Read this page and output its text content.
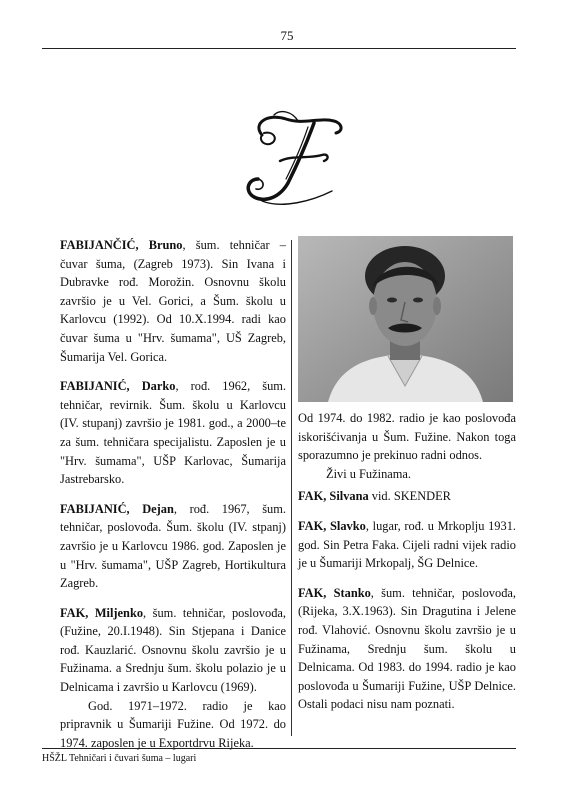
75

FABIJANČIĆ, Bruno, šum. tehničar – čuvar šuma, (Zagreb 1973). Sin Ivana i Dubravke rođ. Morožin. Osnovnu školu završio je u Vel. Gorici, a Šum. školu u Karlovcu (1992). Od 10.X.1994. radi kao čuvar šuma u "Hrv. šumama", UŠ Zagreb, Šumarija Vel. Gorica.

FABIJANIĆ, Darko, rođ. 1962, šum. tehničar, revirnik. Šum. školu u Karlovcu (IV. stupanj) završio je 1981. god., a 2000–te za šum. tehničara specijalistu. Zaposlen je u "Hrv. šumama", UŠP Karlovac, Šumarija Jastrebarsko.

FABIJANIĆ, Dejan, rođ. 1967, šum. tehničar, poslovođa. Šum. školu (IV. stpanj) završio je u Karlovcu 1986. god. Zaposlen je u "Hrv. šumama", UŠP Zagreb, Hortikultura Zagreb.

FAK, Miljenko, šum. tehničar, poslovođa, (Fužine, 20.I.1948). Sin Stjepana i Danice rođ. Kauzlarić. Osnovnu školu završio je u Fužinama. a Srednju šum. školu polazio je u Delnicama i završio u Karlovcu (1969).
God. 1971–1972. radio je kao pripravnik u Šumariji Fužine. Od 1972. do 1974. zaposlen je u Exportdrvu Rijeka.

Od 1974. do 1982. radio je kao poslovođa iskorišćivanja u Šum. Fužine. Nakon toga sporazumno je prekinuo radni odnos.
Živi u Fužinama.

FAK, Silvana vid. SKENDER

FAK, Slavko, lugar, rođ. u Mrkoplju 1931. god. Sin Petra Faka. Cijeli radni vijek radio je u Šumariji Mrkopalj, ŠG Delnice.

FAK, Stanko, šum. tehničar, poslovođa, (Rijeka, 3.X.1963). Sin Dragutina i Jelene rođ. Vlahović. Osnovnu školu završio je u Fužinama, Srednju šum. školu u Delnicama. Od 1983. do 1994. radio je kao poslovođa u Šumariji Fužine, UŠP Delnice. Ostali podaci nisu nam poznati.

HŠŽL Tehničari i čuvari šuma – lugari
